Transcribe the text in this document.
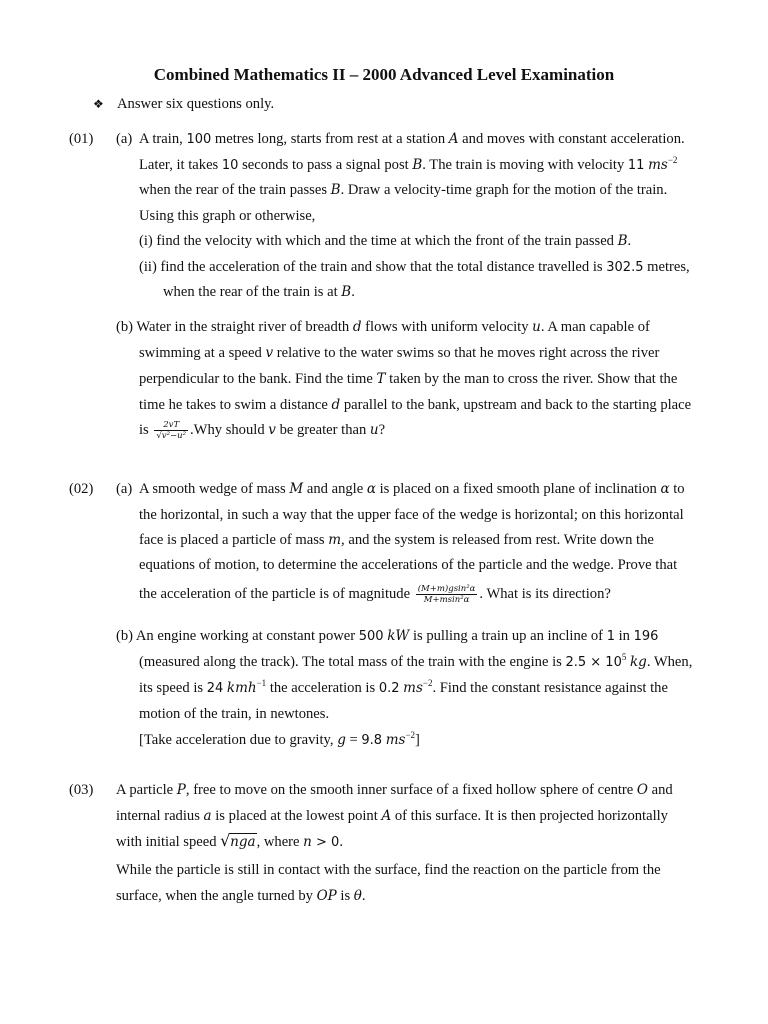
Combined Mathematics II – 2000 Advanced Level Examination
❖ Answer six questions only.
(01) (a) A train, 100 metres long, starts from rest at a station A and moves with constant acceleration.
Later, it takes 10 seconds to pass a signal post B. The train is moving with velocity 11 $ms^{-2}$
when the rear of the train passes B. Draw a velocity-time graph for the motion of the train.
Using this graph or otherwise,
(i) find the velocity with which and the time at which the front of the train passed B.
(ii) find the acceleration of the train and show that the total distance travelled is 302.5 metres,
when the rear of the train is at B.
(b) Water in the straight river of breadth d flows with uniform velocity u. A man capable of
swimming at a speed v relative to the water swims so that he moves right across the river
perpendicular to the bank. Find the time T taken by the man to cross the river. Show that the
time he takes to swim a distance d parallel to the bank, upstream and back to the starting place
is $\frac{2vT}{\text{√v²−u²}} .Why$ should v be greater than u?
(02) (a) A smooth wedge of mass M and angle α is placed on a fixed smooth plane of inclination α to
the horizontal, in such a way that the upper face of the wedge is horizontal; on this horizontal
face is placed a particle of mass m, and the system is released from rest. Write down the
equations of motion, to determine the accelerations of the particle and the wedge. Prove that
the acceleration of the particle is of magnitude $\frac{\text{(M+m)gsin²α}}{\text{M+msin²α}}$ . What is its direction?
(b) An engine working at constant power 500 kW is pulling a train up an incline of 1 in 196
(measured along the track). The total mass of the train with the engine is $2.5 \times 10^5$ kg. When,
its speed is 24 kmh$^{-1}$ the acceleration is 0.2 $ms^{-2}$. Find the constant resistance against the
motion of the train, in newtones.
[Take acceleration due to gravity, g = 9.8 $ms^{-2}$]
(03) A particle P, free to move on the smooth inner surface of a fixed hollow sphere of centre O and
internal radius a is placed at the lowest point A of this surface. It is then projected horizontally
with initial speed √ nga, where n > 0.
While the particle is still in contact with the surface, find the reaction on the particle from the
surface, when the angle turned by OP is θ.
